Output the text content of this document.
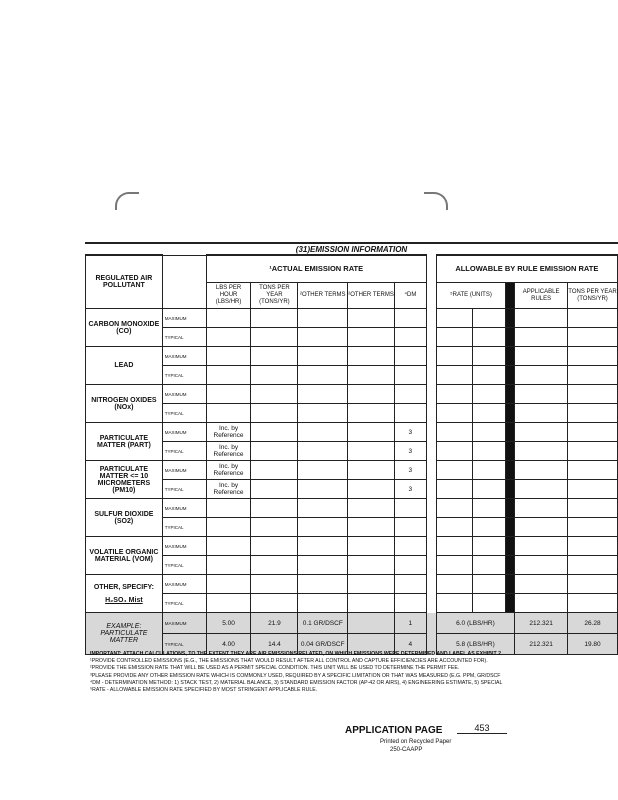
(31)EMISSION INFORMATION
REGULATED AIR POLLUTANT		¹ACTUAL EMISSION RATE						ALLOWABLE BY RULE EMISSION RATE				
		LBS PER HOUR (LBS/HR)	TONS PER YEAR (TONS/YR)	²OTHER TERMS	²OTHER TERMS	⁴DM		⁵RATE (UNITS)			APPLICABLE RULES	TONS PER YEAR (TONS/YR)

CARBON MONOXIDE (CO)	MAXIMUM											
	TYPICAL											

LEAD	MAXIMUM											
	TYPICAL											

NITROGEN OXIDES (NOx)	MAXIMUM											
	TYPICAL											

PARTICULATE MATTER (PART)	MAXIMUM	Inc. by Reference				3						
	TYPICAL	Inc. by Reference				3						

PARTICULATE MATTER <= 10 MICROMETERS (PM10)	MAXIMUM	Inc. by Reference				3						
	TYPICAL	Inc. by Reference				3						

SULFUR DIOXIDE (SO2)	MAXIMUM											
	TYPICAL											

VOLATILE ORGANIC MATERIAL (VOM)	MAXIMUM											
	TYPICAL											

OTHER, SPECIFY:
H₂SO₄ Mist	MAXIMUM											
	TYPICAL											

EXAMPLE: PARTICULATE MATTER	MAXIMUM	5.00	21.9	0.1 GR/DSCF		1		6.0 (LBS/HR)			212.321	26.28
	TYPICAL	4.00	14.4	0.04 GR/DSCF		4		5.8 (LBS/HR)			212.321	19.80
IMPORTANT: ATTACH CALCULATIONS, TO THE EXTENT THEY ARE AIR EMISSIONS RELATED, ON WHICH EMISSIONS WERE DETERMINED AND LABEL AS EXHIBIT 2
¹PROVIDE CONTROLLED EMISSIONS (E.G., THE EMISSIONS THAT WOULD RESULT AFTER ALL CONTROL AND CAPTURE EFFICIENCIES ARE ACCOUNTED FOR).
²PROVIDE THE EMISSION RATE THAT WILL BE USED AS A PERMIT SPECIAL CONDITION. THIS UNIT WILL BE USED TO DETERMINE THE PERMIT FEE.
³PLEASE PROVIDE ANY OTHER EMISSION RATE WHICH IS COMMONLY USED, REQUIRED BY A SPECIFIC LIMITATION OR THAT WAS MEASURED (E.G. PPM, GR/DSCF
⁴DM - DETERMINATION METHOD: 1) STACK TEST, 2) MATERIAL BALANCE, 3) STANDARD EMISSION FACTOR (AP-42 OR AIRS), 4) ENGINEERING ESTIMATE, 5) SPECIAL
⁵RATE - ALLOWABLE EMISSION RATE SPECIFIED BY MOST STRINGENT APPLICABLE RULE.
APPLICATION PAGE	453
Printed on Recycled Paper
250-CAAPP
